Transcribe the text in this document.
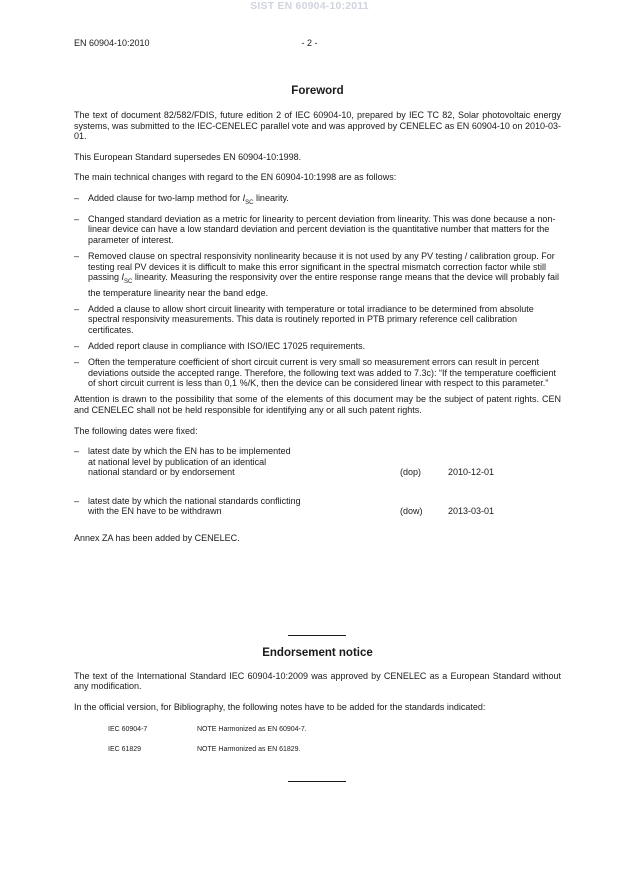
SIST EN 60904-10:2011
EN 60904-10:2010	- 2 -
Foreword

The text of document 82/582/FDIS, future edition 2 of IEC 60904-10, prepared by IEC TC 82, Solar photovoltaic energy systems, was submitted to the IEC-CENELEC parallel vote and was approved by CENELEC as EN 60904-10 on 2010-03-01.

This European Standard supersedes EN 60904-10:1998.

The main technical changes with regard to the EN 60904-10:1998 are as follows:

– Added clause for two-lamp method for $I_{SC}$ linearity.
– Changed standard deviation as a metric for linearity to percent deviation from linearity. This was done because a non-linear device can have a low standard deviation and percent deviation is the quantitative number that matters for the parameter of interest.
– Removed clause on spectral responsivity nonlinearity because it is not used by any PV testing / calibration group. For testing real PV devices it is difficult to make this error significant in the spectral mismatch correction factor while still passing $I_{SC}$ linearity. Measuring the responsivity over the entire response range means that the device will probably fail the temperature linearity near the band edge.
– Added a clause to allow short circuit linearity with temperature or total irradiance to be determined from absolute spectral responsivity measurements. This data is routinely reported in PTB primary reference cell calibration certificates.
– Added report clause in compliance with ISO/IEC 17025 requirements.
– Often the temperature coefficient of short circuit current is very small so measurement errors can result in percent deviations outside the accepted range. Therefore, the following text was added to 7.3c): “If the temperature coefficient of short circuit current is less than 0,1 %/K, then the device can be considered linear with respect to this parameter.”

Attention is drawn to the possibility that some of the elements of this document may be the subject of patent rights. CEN and CENELEC shall not be held responsible for identifying any or all such patent rights.

The following dates were fixed:

– latest date by which the EN has to be implemented
at national level by publication of an identical
national standard or by endorsement	(dop)	2010-12-01
– latest date by which the national standards conflicting
with the EN have to be withdrawn	(dow)	2013-03-01

Annex ZA has been added by CENELEC.

Endorsement notice

The text of the International Standard IEC 60904-10:2009 was approved by CENELEC as a European Standard without any modification.

In the official version, for Bibliography, the following notes have to be added for the standards indicated:

IEC 60904-7	NOTE Harmonized as EN 60904-7.
IEC 61829	NOTE Harmonized as EN 61829.
